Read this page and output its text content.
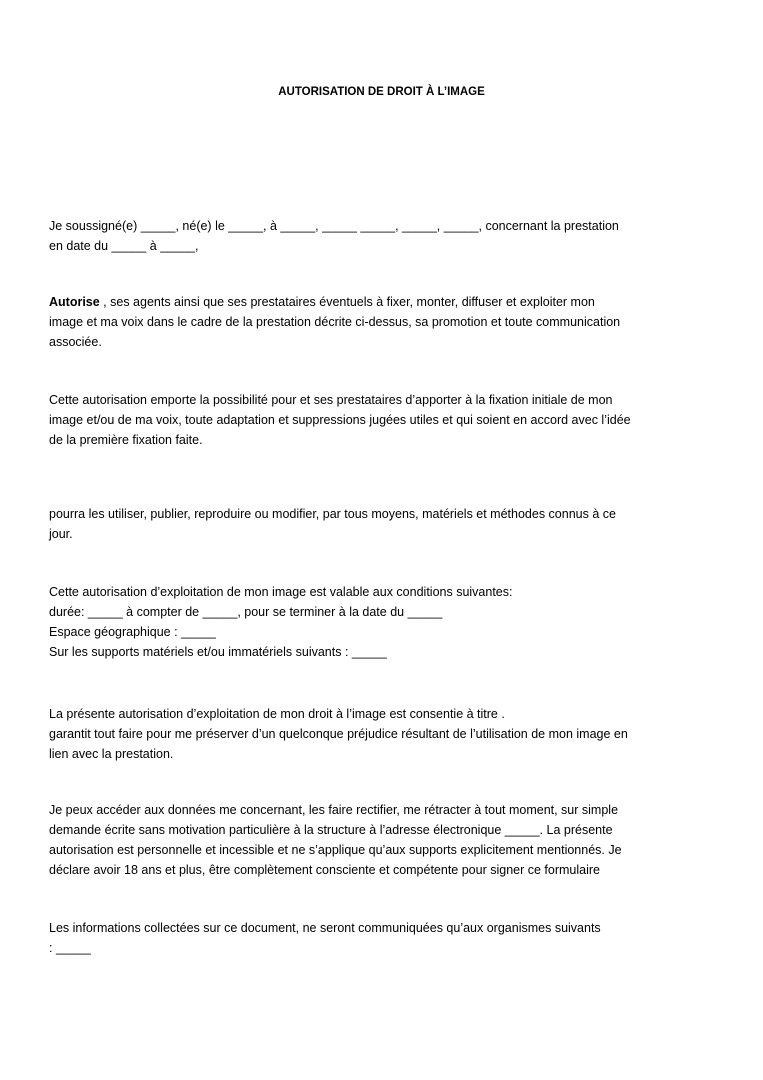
AUTORISATION DE DROIT À L’IMAGE
Je soussigné(e) _____, né(e) le _____, à _____, _____ _____, _____, _____, concernant la prestation
en date du _____ à _____,
Autorise , ses agents ainsi que ses prestataires éventuels à fixer, monter, diffuser et exploiter mon
image et ma voix dans le cadre de la prestation décrite ci-dessus, sa promotion et toute communication
associée.
Cette autorisation emporte la possibilité pour et ses prestataires d’apporter à la fixation initiale de mon
image et/ou de ma voix, toute adaptation et suppressions jugées utiles et qui soient en accord avec l’idée
de la première fixation faite.
pourra les utiliser, publier, reproduire ou modifier, par tous moyens, matériels et méthodes connus à ce
jour.
Cette autorisation d’exploitation de mon image est valable aux conditions suivantes:
durée: _____ à compter de _____, pour se terminer à la date du _____
Espace géographique : _____
Sur les supports matériels et/ou immatériels suivants : _____
La présente autorisation d’exploitation de mon droit à l’image est consentie à titre .
garantit tout faire pour me préserver d’un quelconque préjudice résultant de l’utilisation de mon image en
lien avec la prestation.
Je peux accéder aux données me concernant, les faire rectifier, me rétracter à tout moment, sur simple
demande écrite sans motivation particulière à la structure à l’adresse électronique _____. La présente
autorisation est personnelle et incessible et ne s’applique qu’aux supports explicitement mentionnés. Je
déclare avoir 18 ans et plus, être complètement consciente et compétente pour signer ce formulaire
Les informations collectées sur ce document, ne seront communiquées qu’aux organismes suivants
: _____
